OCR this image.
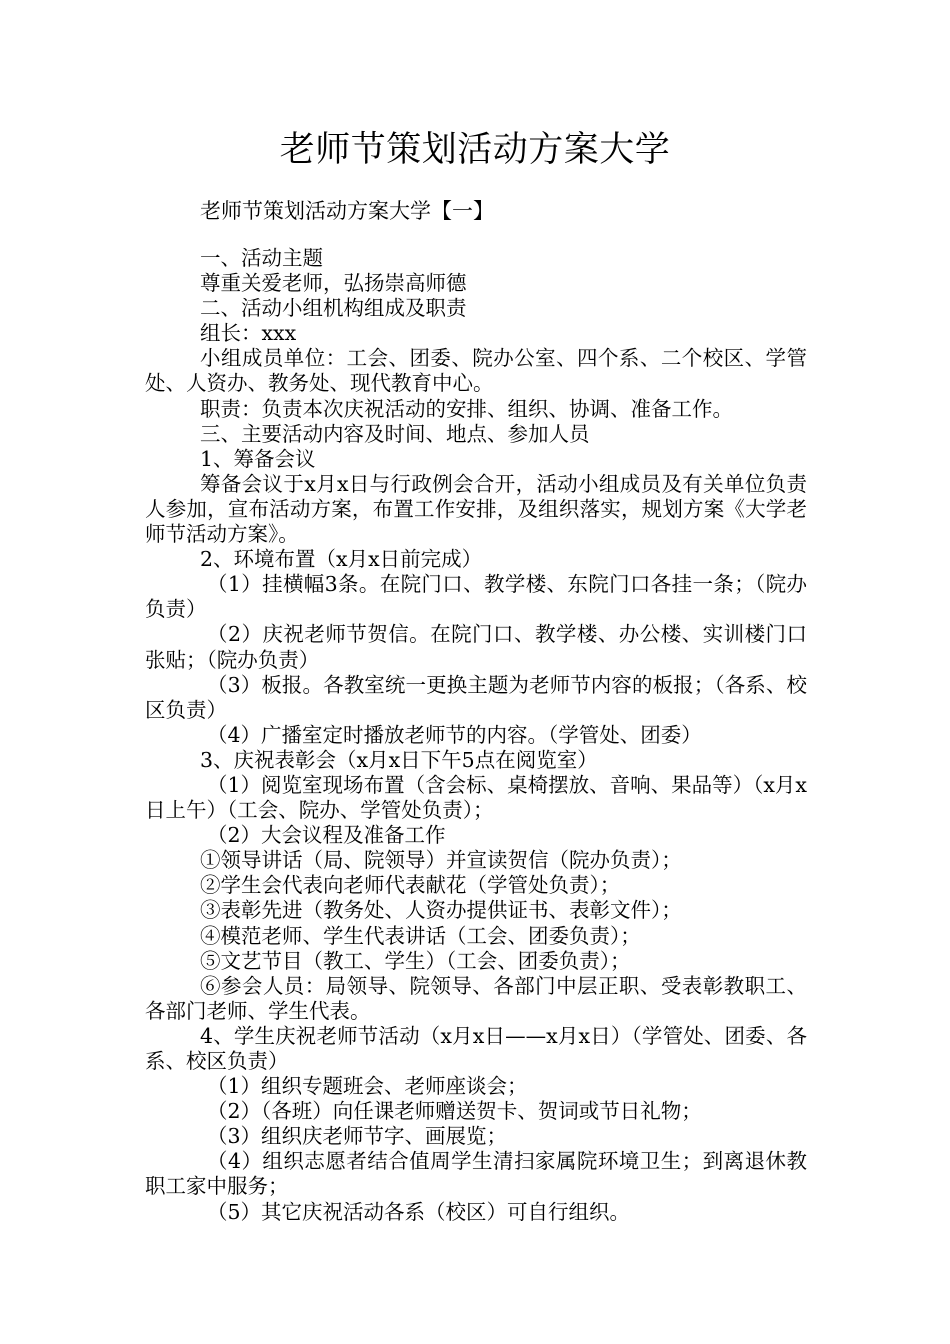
老师节策划活动方案大学
老师节策划活动方案大学【一】
一、活动主题
尊重关爱老师，弘扬崇高师德
二、活动小组机构组成及职责
组长：xxx
小组成员单位：工会、团委、院办公室、四个系、二个校区、学管处、人资办、教务处、现代教育中心。
职责：负责本次庆祝活动的安排、组织、协调、准备工作。
三、主要活动内容及时间、地点、参加人员
1、筹备会议
筹备会议于x月x日与行政例会合开，活动小组成员及有关单位负责人参加，宣布活动方案，布置工作安排，及组织落实，规划方案《大学老师节活动方案》。
2、环境布置（x月x日前完成）
（1）挂横幅3条。在院门口、教学楼、东院门口各挂一条；（院办负责）
（2）庆祝老师节贺信。在院门口、教学楼、办公楼、实训楼门口张贴；（院办负责）
（3）板报。各教室统一更换主题为老师节内容的板报；（各系、校区负责）
（4）广播室定时播放老师节的内容。（学管处、团委）
3、庆祝表彰会（x月x日下午5点在阅览室）
（1）阅览室现场布置（含会标、桌椅摆放、音响、果品等）（x月x日上午）（工会、院办、学管处负责）；
（2）大会议程及准备工作
①领导讲话（局、院领导）并宣读贺信（院办负责）；
②学生会代表向老师代表献花（学管处负责）；
③表彰先进（教务处、人资办提供证书、表彰文件）；
④模范老师、学生代表讲话（工会、团委负责）；
⑤文艺节目（教工、学生）（工会、团委负责）；
⑥参会人员：局领导、院领导、各部门中层正职、受表彰教职工、各部门老师、学生代表。
4、学生庆祝老师节活动（x月x日——x月x日）（学管处、团委、各系、校区负责）
（1）组织专题班会、老师座谈会；
（2）（各班）向任课老师赠送贺卡、贺词或节日礼物；
（3）组织庆老师节字、画展览；
（4）组织志愿者结合值周学生清扫家属院环境卫生；到离退休教职工家中服务；
（5）其它庆祝活动各系（校区）可自行组织。
